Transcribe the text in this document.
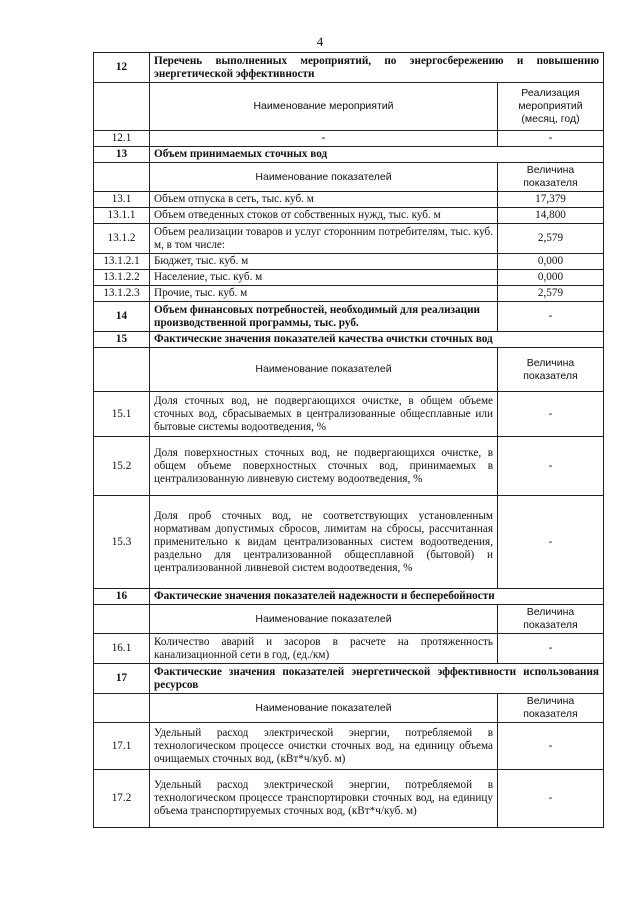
4
12	Перечень выполненных мероприятий, по энергосбережению и повышению энергетической эффективности	
	Наименование мероприятий	Реализация мероприятий (месяц, год)
12.1	-	-
13	Объем принимаемых сточных вод	
	Наименование показателей	Величина показателя
13.1	Объем отпуска в сеть, тыс. куб. м	17,379
13.1.1	Объем отведенных стоков от собственных нужд, тыс. куб. м	14,800
13.1.2	Объем реализации товаров и услуг сторонним потребителям, тыс. куб. м, в том числе:	2,579
13.1.2.1	Бюджет, тыс. куб. м	0,000
13.1.2.2	Население, тыс. куб. м	0,000
13.1.2.3	Прочие, тыс. куб. м	2,579
14	Объем финансовых потребностей, необходимый для реализации производственной программы, тыс. руб.	-
15	Фактические значения показателей качества очистки сточных вод	
	Наименование показателей	Величина показателя
15.1	Доля сточных вод, не подвергающихся очистке, в общем объеме сточных вод, сбрасываемых в централизованные общесплавные или бытовые системы водоотведения, %	-
15.2	Доля поверхностных сточных вод, не подвергающихся очистке, в общем объеме поверхностных сточных вод, принимаемых в централизованную ливневую систему водоотведения, %	-
15.3	Доля проб сточных вод, не соответствующих установленным нормативам допустимых сбросов, лимитам на сбросы, рассчитанная применительно к видам централизованных систем водоотведения, раздельно для централизованной общесплавной (бытовой) и централизованной ливневой систем водоотведения, %	-
16	Фактические значения показателей надежности и бесперебойности	
	Наименование показателей	Величина показателя
16.1	Количество аварий и засоров в расчете на протяженность канализационной сети в год, (ед./км)	-
17	Фактические значения показателей энергетической эффективности использования ресурсов	
	Наименование показателей	Величина показателя
17.1	Удельный расход электрической энергии, потребляемой в технологическом процессе очистки сточных вод, на единицу объема очищаемых сточных вод, (кВт*ч/куб. м)	-
17.2	Удельный расход электрической энергии, потребляемой в технологическом процессе транспортировки сточных вод, на единицу объема транспортируемых сточных вод, (кВт*ч/куб. м)	-
